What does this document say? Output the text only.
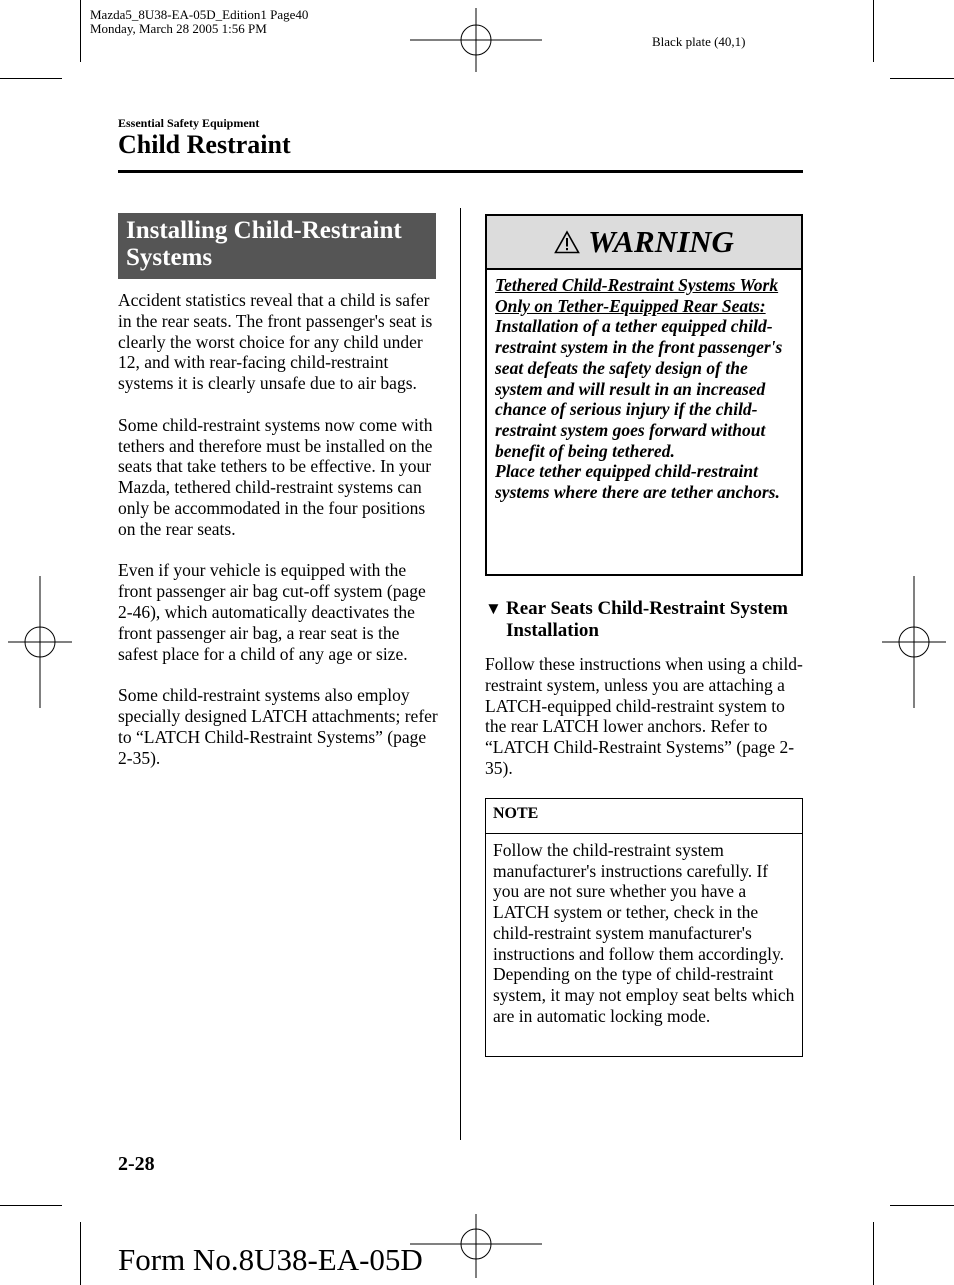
Mazda5_8U38-EA-05D_Edition1 Page40
Monday, March 28 2005 1:56 PM
Black plate (40,1)
Essential Safety Equipment
Child Restraint
Installing Child-Restraint Systems

Accident statistics reveal that a child is safer in the rear seats. The front passenger's seat is clearly the worst choice for any child under 12, and with rear-facing child-restraint systems it is clearly unsafe due to air bags.

Some child-restraint systems now come with tethers and therefore must be installed on the seats that take tethers to be effective. In your Mazda, tethered child-restraint systems can only be accommodated in the four positions on the rear seats.

Even if your vehicle is equipped with the front passenger air bag cut-off system (page 2-46), which automatically deactivates the front passenger air bag, a rear seat is the safest place for a child of any age or size.

Some child-restraint systems also employ specially designed LATCH attachments; refer to “LATCH Child-Restraint Systems” (page 2-35).

WARNING
Tethered Child-Restraint Systems Work Only on Tether-Equipped Rear Seats:
Installation of a tether equipped child-restraint system in the front passenger's seat defeats the safety design of the system and will result in an increased chance of serious injury if the child-restraint system goes forward without benefit of being tethered.
Place tether equipped child-restraint systems where there are tether anchors.
▼ Rear Seats Child-Restraint System Installation
Follow these instructions when using a child-restraint system, unless you are attaching a LATCH-equipped child-restraint system to the rear LATCH lower anchors. Refer to “LATCH Child-Restraint Systems” (page 2-35).
NOTE
Follow the child-restraint system manufacturer's instructions carefully. If you are not sure whether you have a LATCH system or tether, check in the child-restraint system manufacturer's instructions and follow them accordingly. Depending on the type of child-restraint system, it may not employ seat belts which are in automatic locking mode.
2-28
Form No.8U38-EA-05D
